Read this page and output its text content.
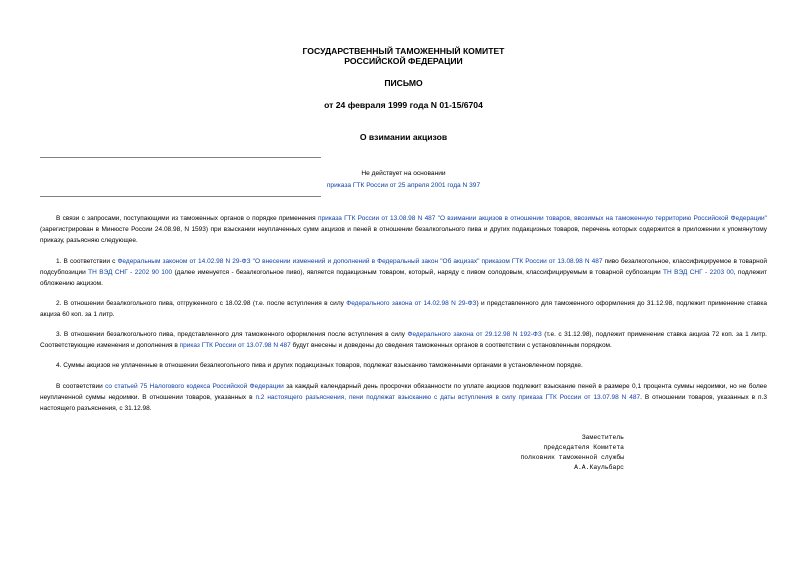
ГОСУДАРСТВЕННЫЙ ТАМОЖЕННЫЙ КОМИТЕТ
РОССИЙСКОЙ ФЕДЕРАЦИИ
ПИСЬМО
от 24 февраля 1999 года N 01-15/6704
О взимании акцизов
Не действует на основании
приказа ГТК России от 25 апреля 2001 года N 397
В связи с запросами, поступающими из таможенных органов о порядке применения приказа ГТК России от 13.08.98 N 487 "О взимании акцизов в отношении товаров, ввозимых на таможенную территорию Российской Федерации" (зарегистрирован в Минюсте России 24.08.98, N 1593) при взыскании неуплаченных сумм акцизов и пеней в отношении безалкогольного пива и других подакцизных товаров, перечень которых содержится в приложении к упомянутому приказу, разъясняю следующее.
1. В соответствии с Федеральным законом от 14.02.98 N 29-ФЗ "О внесении изменений и дополнений в Федеральный закон "Об акцизах" приказом ГТК России от 13.08.98 N 487 пиво безалкогольное, классифицируемое в товарной подсубпозиции ТН ВЭД СНГ - 2202 90 100 (далее именуется - безалкогольное пиво), является подакцизным товаром, который, наряду с пивом солодовым, классифицируемым в товарной субпозиции ТН ВЭД СНГ - 2203 00, подлежит обложению акцизом.
2. В отношении безалкогольного пива, отгруженного с 18.02.98 (т.е. после вступления в силу Федерального закона от 14.02.98 N 29-ФЗ) и представленного для таможенного оформления до 31.12.98, подлежит применение ставка акциза 60 коп. за 1 литр.
3. В отношении безалкогольного пива, представленного для таможенного оформления после вступления в силу Федерального закона от 29.12.98 N 192-ФЗ (т.е. с 31.12.98), подлежит применение ставка акциза 72 коп. за 1 литр. Соответствующие изменения и дополнения в приказ ГТК России от 13.07.98 N 487 будут внесены и доведены до сведения таможенных органов в соответствии с установленным порядком.
4. Суммы акцизов не уплаченные в отношении безалкогольного пива и других подакцизных товаров, подлежат взысканию таможенными органами в установленном порядке.
В соответствии со статьей 75 Налогового кодекса Российской Федерации за каждый календарный день просрочки обязанности по уплате акцизов подлежит взыскание пеней в размере 0,1 процента суммы недоимки, но не более неуплаченной суммы недоимки. В отношении товаров, указанных в п.2 настоящего разъяснения, пени подлежат взысканию с даты вступления в силу приказа ГТК России от 13.07.98 N 487. В отношении товаров, указанных в п.3 настоящего разъяснения, с 31.12.98.
Заместитель
председателя Комитета
полковник таможенной службы
А.А.Каульбарс
